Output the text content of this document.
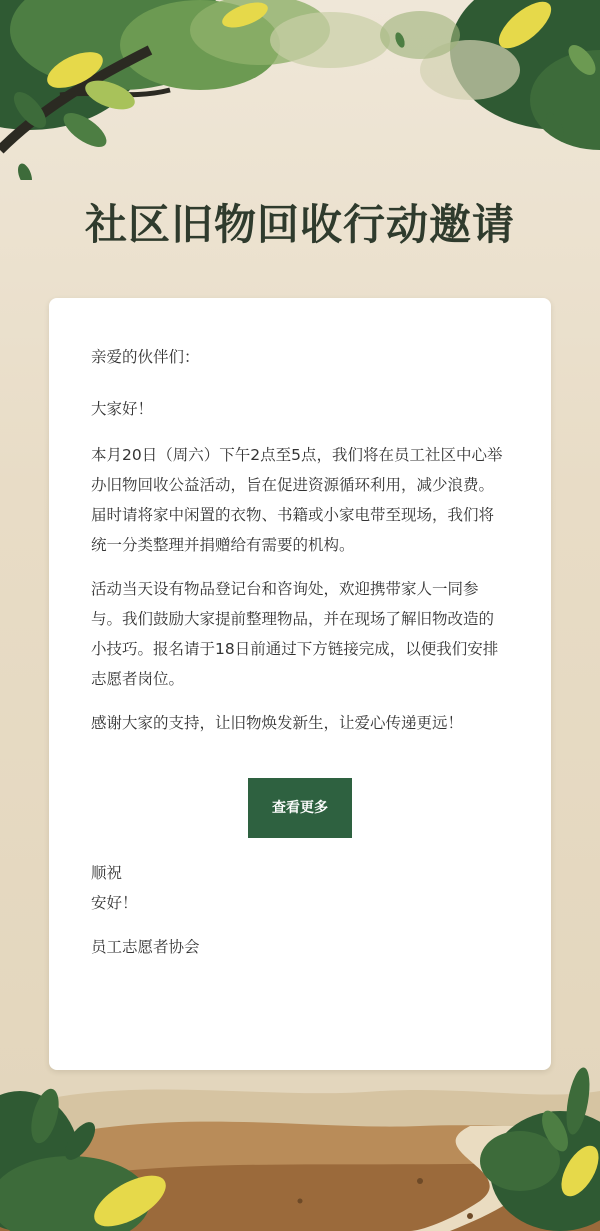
社区旧物回收行动邀请

亲爱的伙伴们：

大家好！

本月20日（周六）下午2点至5点，我们将在员工社区中心举办旧物回收公益活动，旨在促进资源循环利用，减少浪费。届时请将家中闲置的衣物、书籍或小家电带至现场，我们将统一分类整理并捐赠给有需要的机构。

活动当天设有物品登记台和咨询处，欢迎携带家人一同参与。我们鼓励大家提前整理物品，并在现场了解旧物改造的小技巧。报名请于18日前通过下方链接完成，以便我们安排志愿者岗位。

感谢大家的支持，让旧物焕发新生，让爱心传递更远！

查看更多

顺祝

安好！

员工志愿者协会
